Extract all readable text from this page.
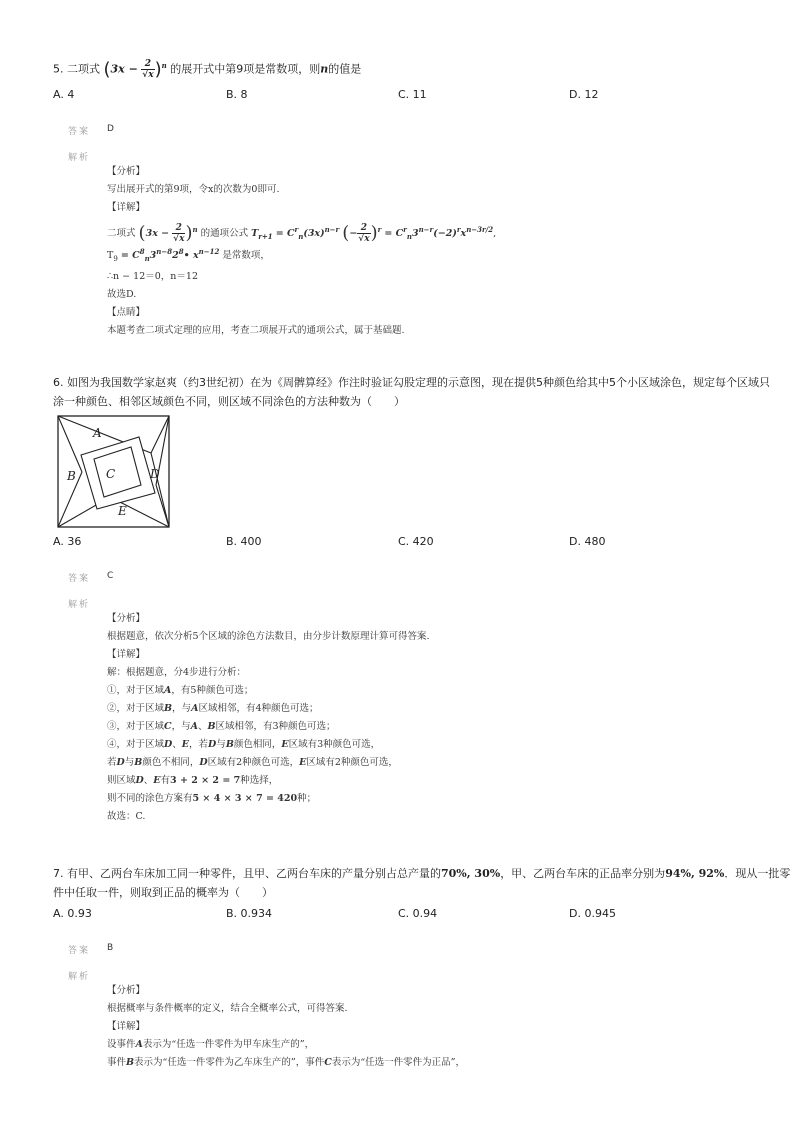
5. 二项式 $(3x - \frac{2}{√x} )^n$ 的展开式中第9项是常数项，则n的值是
A. 4	B. 8	C. 11	D. 12
答案 D
解析
【分析】
写出展开式的第9项，令x的次数为0即可.
【详解】
二项式 $(3x - \frac{2}{√x} )^n$ 的通项公式 $T_{r+1} = C^r_n(3x)^{n-r}$ (− $\frac{2}{√x} )^r = C^r_n3^{n-r}(-2)^rx^{n-3r/2}$,
$T_9$ = $C^8_n3^{n-8}2^8•$ $x^{n-12}$ 是常数项，
∴n − 12＝0，n＝12
故选D.
【点睛】
本题考查二项式定理的应用，考查二项展开式的通项公式，属于基础题.
6. 如图为我国数学家赵爽（约3世纪初）在为《周髀算经》作注时验证勾股定理的示意图，现在提供5种颜色给其中5个小区域涂色，规定每个区域只
涂一种颜色、相邻区域颜色不同，则区域不同涂色的方法种数为（　　）
A
B	C	D
E
A. 36	B. 400	C. 420	D. 480
答案 C
解析
【分析】
根据题意，依次分析5个区域的涂色方法数目，由分步计数原理计算可得答案.
【详解】
解：根据题意，分4步进行分析：
①，对于区域A，有5种颜色可选；
②，对于区域B，与A区域相邻，有4种颜色可选；
③，对于区域C，与A、B区域相邻，有3种颜色可选；
④，对于区域D、E，若D与B颜色相同，E区域有3种颜色可选，
若D与B颜色不相同，D区域有2种颜色可选，E区域有2种颜色可选，
则区域D、E有3 + 2 × 2 = 7种选择，
则不同的涂色方案有5 × 4 × 3 × 7 = 420种；
故选：C.
7. 有甲、乙两台车床加工同一种零件，且甲、乙两台车床的产量分别占总产量的70%, 30%，甲、乙两台车床的正品率分别为94%, 92%．现从一批零
件中任取一件，则取到正品的概率为（　　）
A. 0.93	B. 0.934	C. 0.94	D. 0.945
答案 B
解析
【分析】
根据概率与条件概率的定义，结合全概率公式，可得答案.
【详解】
设事件A表示为“任选一件零件为甲车床生产的”，
事件B表示为“任选一件零件为乙车床生产的”，事件C表示为“任选一件零件为正品”，
